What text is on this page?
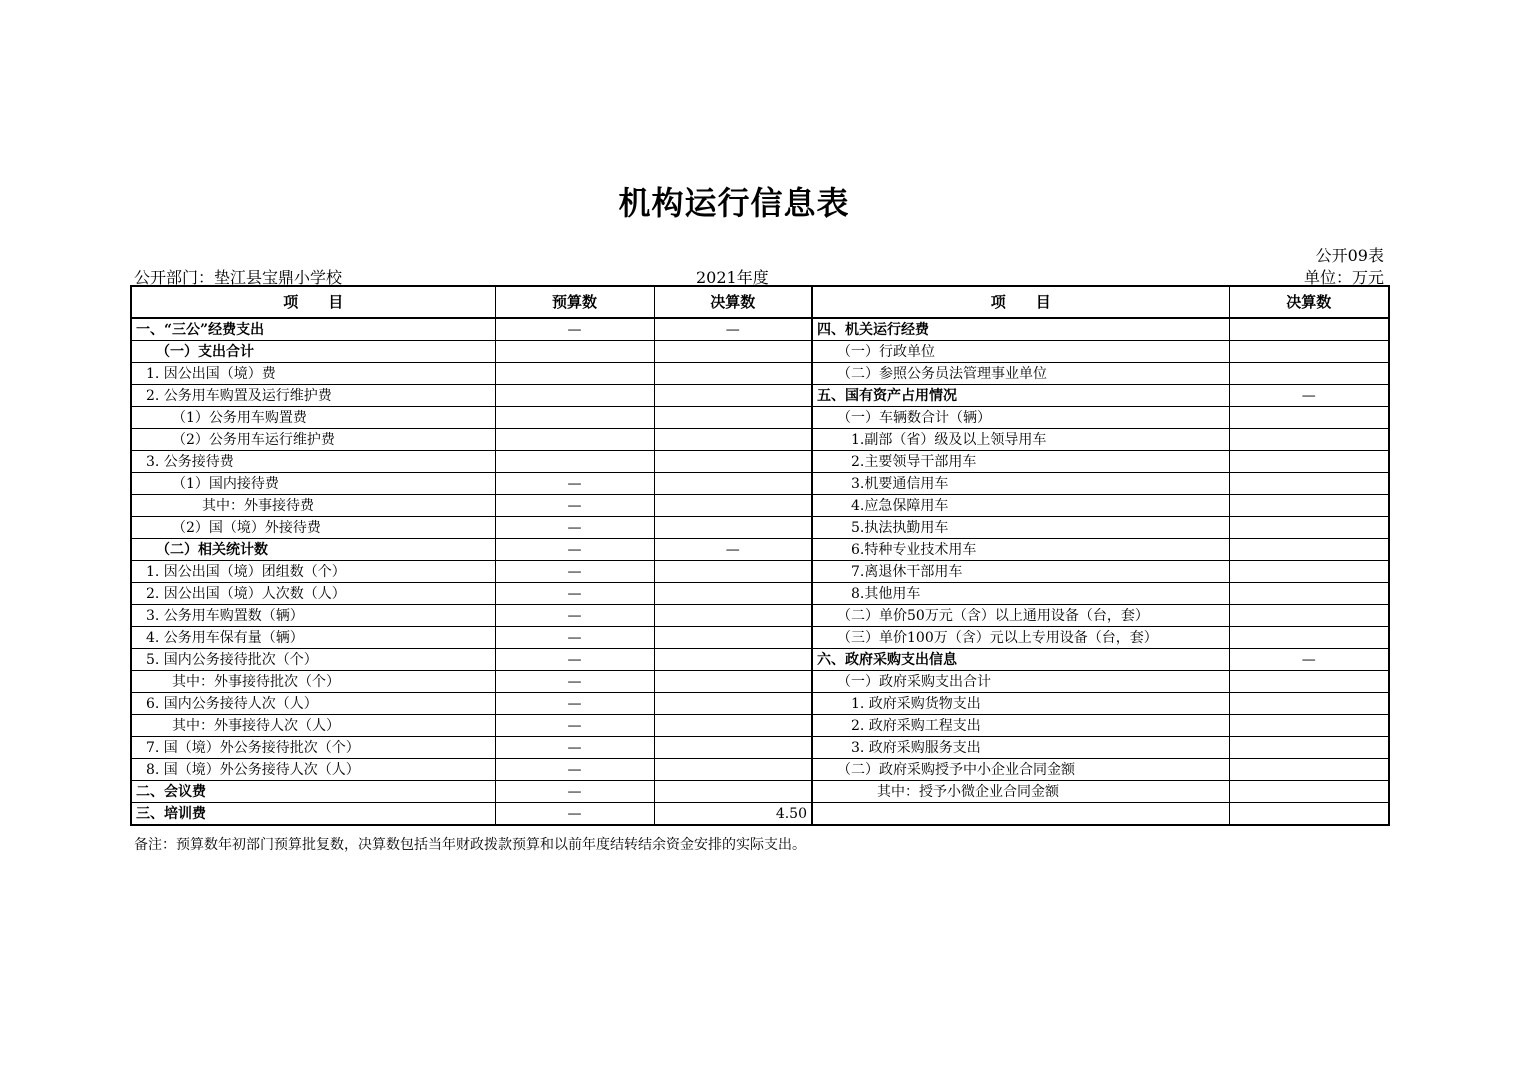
机构运行信息表
公开09表
公开部门：垫江县宝鼎小学校	2021年度	单位：万元
项　　目	预算数	决算数	项　　目	决算数
一、“三公”经费支出	—	—	四、机关运行经费	
（一）支出合计			（一）行政单位	
1. 因公出国（境）费			（二）参照公务员法管理事业单位	
2. 公务用车购置及运行维护费			五、国有资产占用情况	—
（1）公务用车购置费			（一）车辆数合计（辆）	
（2）公务用车运行维护费			1.副部（省）级及以上领导用车	
3. 公务接待费			2.主要领导干部用车	
（1）国内接待费	—		3.机要通信用车	
其中：外事接待费	—		4.应急保障用车	
（2）国（境）外接待费	—		5.执法执勤用车	
（二）相关统计数	—	—	6.特种专业技术用车	
1. 因公出国（境）团组数（个）	—		7.离退休干部用车	
2. 因公出国（境）人次数（人）	—		8.其他用车	
3. 公务用车购置数（辆）	—		（二）单价50万元（含）以上通用设备（台，套）	
4. 公务用车保有量（辆）	—		（三）单价100万（含）元以上专用设备（台，套）	
5. 国内公务接待批次（个）	—		六、政府采购支出信息	—
其中：外事接待批次（个）	—		（一）政府采购支出合计	
6. 国内公务接待人次（人）	—		1. 政府采购货物支出	
其中：外事接待人次（人）	—		2. 政府采购工程支出	
7. 国（境）外公务接待批次（个）	—		3. 政府采购服务支出	
8. 国（境）外公务接待人次（人）	—		（二）政府采购授予中小企业合同金额	
二、会议费	—		其中：授予小微企业合同金额	
三、培训费	—	4.50		
备注：预算数年初部门预算批复数，决算数包括当年财政拨款预算和以前年度结转结余资金安排的实际支出。
